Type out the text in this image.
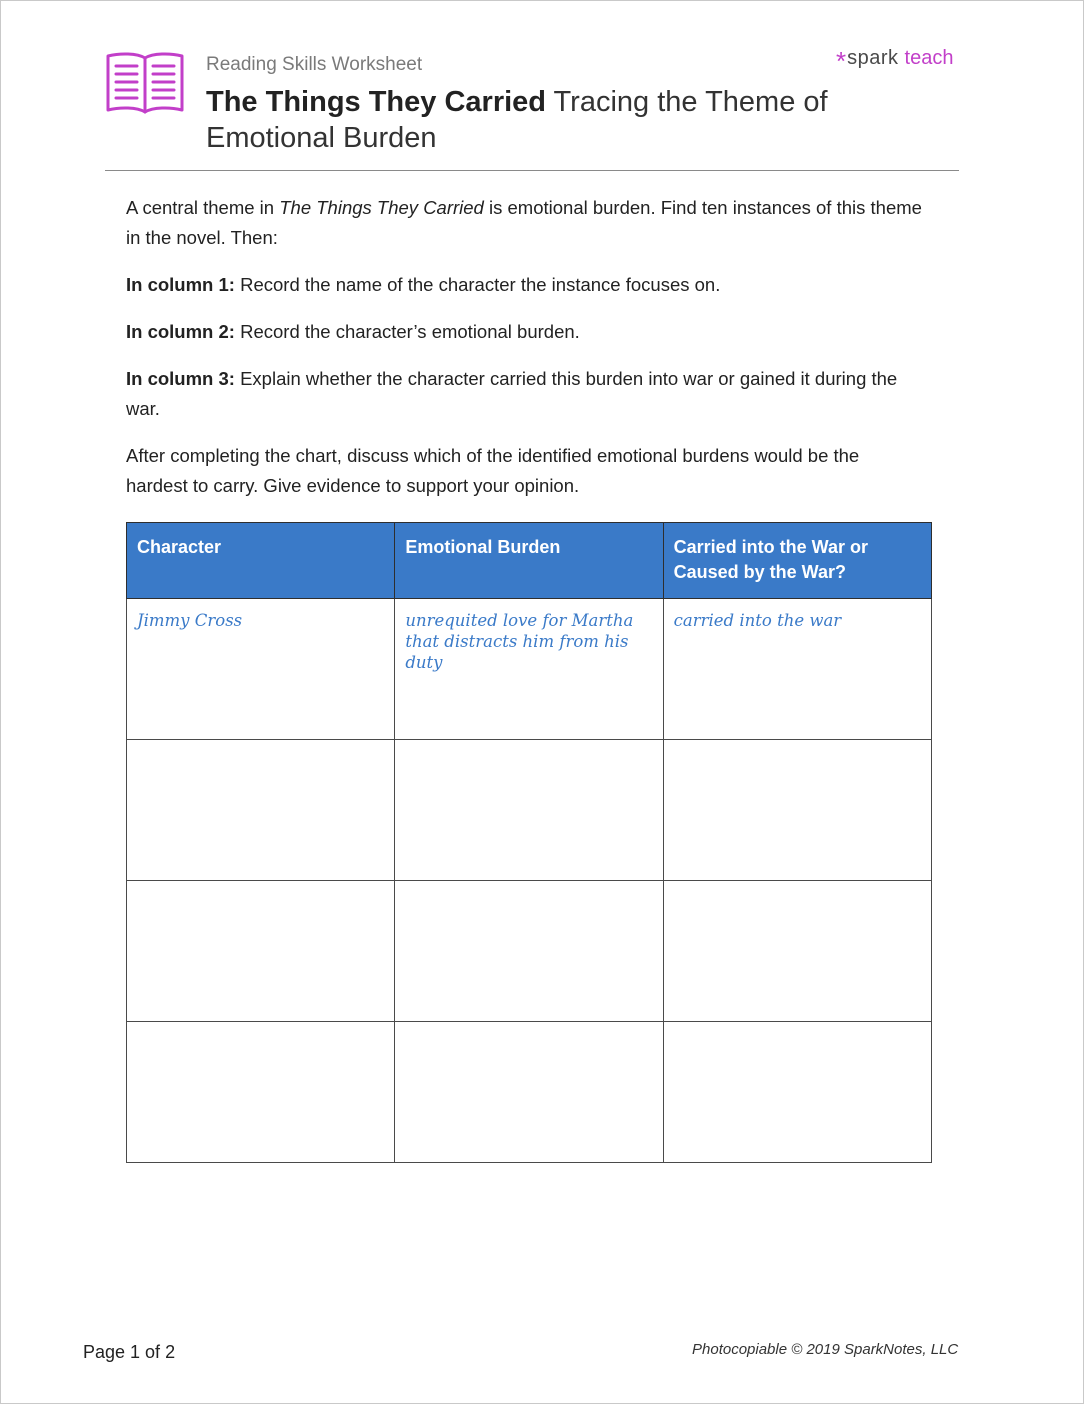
Reading Skills Worksheet	*spark teach
The Things They Carried Tracing the Theme of Emotional Burden

A central theme in The Things They Carried is emotional burden. Find ten instances of this theme in the novel. Then:

In column 1: Record the name of the character the instance focuses on.

In column 2: Record the character’s emotional burden.

In column 3: Explain whether the character carried this burden into war or gained it during the war.

After completing the chart, discuss which of the identified emotional burdens would be the hardest to carry. Give evidence to support your opinion.

Character	Emotional Burden	Carried into the War or Caused by the War?
Jimmy Cross	unrequited love for Martha that distracts him from his duty	carried into the war

Page 1 of 2	Photocopiable © 2019 SparkNotes, LLC
